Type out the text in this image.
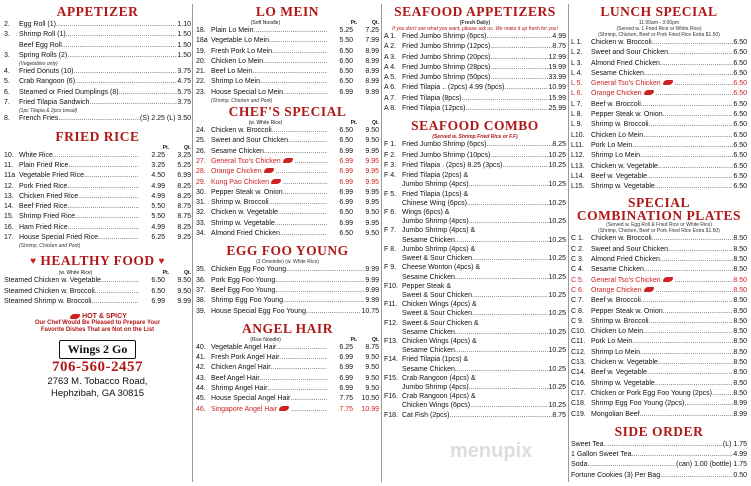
APPETIZER
2.	Egg Roll (1) .....	1.10
3.	Shrimp Roll (1) .....	1.50
Beef Egg Roll .....	1.50
3.	Spring Rolls (2) .....	1.50
(Vegetables only)
4.	Fried Donuts (10) .....	3.75
5.	Crab Rangoon (6) .....	4.75
6.	Steamed or Fried Dumplings (8) .....	5.75
7.	Fried Tilapia Sandwich .....	3.75
(1pc Tilapia & 2pcs bread)
8.	French Fries .....	(S) 2.25 (L) 3.50
FRIED RICE
Pt.	Qt.
10. White Rice .....	2.25	3.25
11. Plain Fried Rice .....	3.25	5.25
11a Vegetable Fried Rice .....	4.50	6.99
12. Pork Fried Rice .....	4.99	8.25
13. Chicken Fried Rice .....	4.99	8.25
14. Beef Fried Rice .....	5.50	8.75
15. Shrimp Fried Rice .....	5.50	8.75
16. Ham Fried Rice .....	4.99	8.25
17. House Special Fried Rice .....	6.25	9.25
(Shrimp, Chicken and Pork)
♥ HEALTHY FOOD ♥
(w. White Rice)	Pt.	Qt.
Steamed Chicken w. Vegetable .....	6.50	9.50
Steamed Chicken w. Broccoli .....	6.50	9.50
Steamed Shrimp w. Broccoli .....	6.99	9.99
HOT & SPICY
Our Chef Would Be Pleased to Prepare Your
Favorite Dishes That are Not on the List
Wings 2 Go
706-560-2457
2763 M. Tobacco Road,
Hephzibah, GA 30815
LO MEIN
(Soft Noodle)	Pt.	Qt.
18. Plain Lo Mein .....	5.25	7.25
18a Vegetable Lo Mein .....	5.50	7.99
19. Fresh Pork Lo Mein .....	6.50	8.99
20. Chicken Lo Mein .....	6.50	8.99
21. Beef Lo Mein .....	6.50	8.99
22. Shrimp Lo Mein .....	6.50	8.99
23. House Special Lo Mein .....	6.99	9.99
(Shrimp, Chicken and Pork)
CHEF'S SPECIAL
(w. White Rice)	Pt.	Qt.
24. Chicken w. Broccoli .....	6.50	9.50
25. Sweet and Sour Chicken .....	6.50	9.50
26. Sesame Chicken .....	6.99	9.95
27. General Tso's Chicken .....	6.99	9.95
28. Orange Chicken .....	6.99	9.95
29. Kung Pao Chicken .....	6.99	9.95
30. Pepper Steak w. Onion .....	6.99	9.95
31. Shrimp w. Broccoli .....	6.99	9.95
32. Chicken w. Vegetable .....	6.50	9.50
33. Shrimp w. Vegetable .....	6.99	9.95
34. Almond Fried Chicken .....	6.50	9.50
EGG FOO YOUNG
(3 Omelette) (w. White Rice)
35. Chicken Egg Foo Young .....	9.99
36. Pork Egg Foo Young .....	9.99
37. Beef Egg Foo Young .....	9.99
38. Shrimp Egg Foo Young .....	9.99
39. House Special Egg Foo Young .....	10.75
ANGEL HAIR
(Rice Noodle)	Pt.	Qt.
40. Vegetable Angel Hair .....	6.25	8.75
41. Fresh Pork Angel Hair .....	6.99	9.50
42. Chicken Angel Hair .....	6.99	9.50
43. Beef Angel Hair .....	6.99	9.50
44. Shrimp Angel Hair .....	6.99	9.50
45. House Special Angel Hair .....	7.75	10.50
46. Singapore Angel Hair .....	7.75	10.99
SEAFOOD APPETIZERS
(Fresh Daily)
If you don't see what you want, please ask us. We make it up fresh for you!
A 1. Fried Jumbo Shrimp (6pcs) .....	4.99
A 2. Fried Jumbo Shrimp (12pcs) .....	8.75
A 3. Fried Jumbo Shrimp (20pcs) .....	12.99
A 4. Fried Jumbo Shrimp (28pcs) .....	19.99
A 5. Fried Jumbo Shrimp (50pcs) .....	33.99
A 6. Fried Tilapia .. (2pcs) 4.99 (5pcs) .....	10.99
A 7. Fried Tilapia (8pcs) .....	15.99
A 8. Fried Tilapia (12pcs) .....	25.99
SEAFOOD COMBO
(Served w. Shrimp Fried Rice or F.F)
F 1. Fried Jumbo Shrimp (6pcs) .....	8.25
F 2. Fried Jumbo Shrimp (10pcs) .....	10.25
F 3. Fried Tilapia . (2pcs) 8.25 (3pcs) .....	10.25
F 4. Fried Tilapia (2pcs) &
Jumbo Shrimp (4pcs) .....	10.25
F 5. Fried Tilapia (1pcs) &
Chinese Wing (6pcs) .....	10.25
F 6. Wings (6pcs) &
Jumbo Shrimp (4pcs) .....	10.25
F 7. Jumbo Shrimp (4pcs) &
Sesame Chicken .....	10.25
F 8. Jumbo Shrimp (4pcs) &
Sweet & Sour Chicken .....	10.25
F 9. Cheese Wonton (4pcs) &
Sesame Chicken .....	10.25
F10. Pepper Steak &
Sweet & Sour Chicken .....	10.25
F11. Chicken Wings (4pcs) &
Sweet & Sour Chicken .....	10.25
F12. Sweet & Sour Chicken &
Sesame Chicken .....	10.25
F13. Chicken Wings (4pcs) &
Sesame Chicken .....	10.25
F14. Fried Tilapia (1pcs) &
Sesame Chicken .....	10.25
F15. Crab Rangoon (4pcs) &
Jumbo Shrimp (4pcs) .....	10.25
F16. Crab Rangoon (4pcs) &
Chicken Wings (6pcs) .....	10.25
F18. Cat Fish (2pcs) .....	8.75
LUNCH SPECIAL
11:00am - 3:00pm
(Served w. 1 Fried Rice or White Rice)
(Shrimp, Chicken, Beef or Pork Fried Rice Extra $1.50)
L 1.	Chicken w. Broccoli .....	6.50
L 2.	Sweet and Sour Chicken .....	6.50
L 3.	Almond Fried Chicken .....	6.50
L 4.	Sesame Chicken .....	6.50
L 5.	General Tso's Chicken .....	6.50
L 6.	Orange Chicken .....	6.50
L 7.	Beef w. Broccoli .....	6.50
L 8.	Pepper Steak w. Onion .....	6.50
L 9.	Shrimp w. Broccoli .....	6.50
L10. Chicken Lo Mein .....	6.50
L11. Pork Lo Mein .....	6.50
L12. Shrimp Lo Mein .....	6.50
L13. Chicken w. Vegetable .....	6.50
L14. Beef w. Vegetable .....	6.50
L15. Shrimp w. Vegetable .....	6.50
SPECIAL
COMBINATION PLATES
(Served w. Egg Roll & Fried Rice or White Rice)
(Shrimp, Chicken, Beef or Pork Fried Rice Extra $1.50)
C 1.	Chicken w. Broccoli .....	8.50
C 2.	Sweet and Sour Chicken .....	8.50
C 3.	Almond Fried Chicken .....	8.50
C 4.	Sesame Chicken .....	8.50
C 5.	General Tso's Chicken .....	8.50
C 6.	Orange Chicken .....	8.50
C 7.	Beef w. Broccoli .....	8.50
C 8.	Pepper Steak w. Onion .....	8.50
C 9.	Shrimp w. Broccoli .....	8.50
C10. Chicken Lo Mein .....	8.50
C11. Pork Lo Mein .....	8.50
C12. Shrimp Lo Mein .....	8.50
C13. Chicken w. Vegetable .....	8.50
C14. Beef w. Vegetable .....	8.50
C16. Shrimp w. Vegetable .....	8.50
C17. Chicken or Pork Egg Foo Young (2pcs) .....	8.50
C18. Shrimp Egg Foo Young (2pcs) .....	8.99
C19. Mongolian Beef .....	8.99
SIDE ORDER
Sweet Tea .....	(L) 1.75
1 Gallon Sweet Tea .....	4.99
Soda .....	(can) 1.00 (bottle) 1.75
Fortune Cookies (3) Per Bag .....	0.50
.....
menupix
